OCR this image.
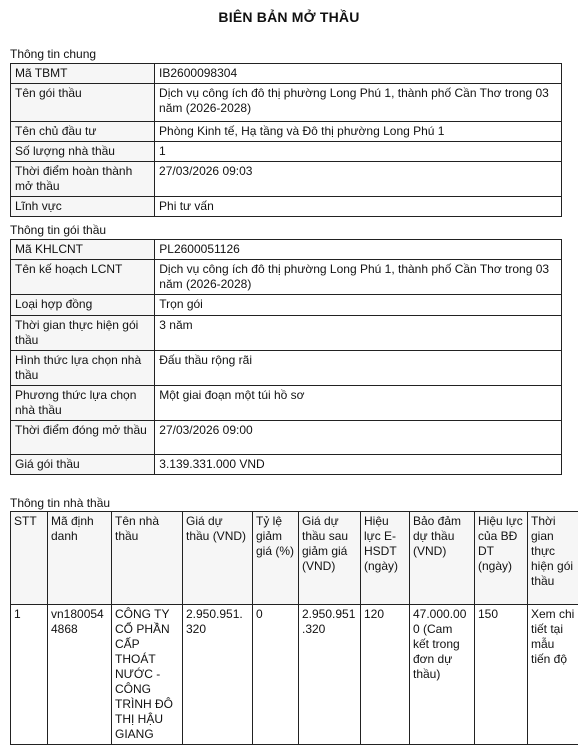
BIÊN BẢN MỞ THẦU
Thông tin chung
Mã TBMT	IB2600098304
Tên gói thầu	Dịch vụ công ích đô thị phường Long Phú 1, thành phố Cần Thơ trong 03 năm (2026-2028)
Tên chủ đầu tư	Phòng Kinh tế, Hạ tầng và Đô thị phường Long Phú 1
Số lượng nhà thầu	1
Thời điểm hoàn thành mở thầu	27/03/2026 09:03
Lĩnh vực	Phi tư vấn
Thông tin gói thầu
Mã KHLCNT	PL2600051126
Tên kế hoạch LCNT	Dịch vụ công ích đô thị phường Long Phú 1, thành phố Cần Thơ trong 03 năm (2026-2028)
Loại hợp đồng	Trọn gói
Thời gian thực hiện gói thầu	3 năm
Hình thức lựa chọn nhà thầu	Đấu thầu rộng rãi
Phương thức lựa chọn nhà thầu	Một giai đoạn một túi hồ sơ
Thời điểm đóng mở thầu	27/03/2026 09:00
Giá gói thầu	3.139.331.000 VND
Thông tin nhà thầu
STT	Mã định danh	Tên nhà thầu	Giá dự thầu (VND)	Tỷ lệ giảm giá (%)	Giá dự thầu sau giảm giá (VND)	Hiệu lực E-HSDT (ngày)	Bảo đảm dự thầu (VND)	Hiệu lực của BĐ DT (ngày)	Thời gian thực hiện gói thầu
1	vn1800544868	CÔNG TY CỔ PHẦN CẤP THOÁT NƯỚC - CÔNG TRÌNH ĐÔ THỊ HẬU GIANG	2.950.951.320	0	2.950.951.320	120	47.000.000 (Cam kết trong đơn dự thầu)	150	Xem chi tiết tại mẫu tiến độ
